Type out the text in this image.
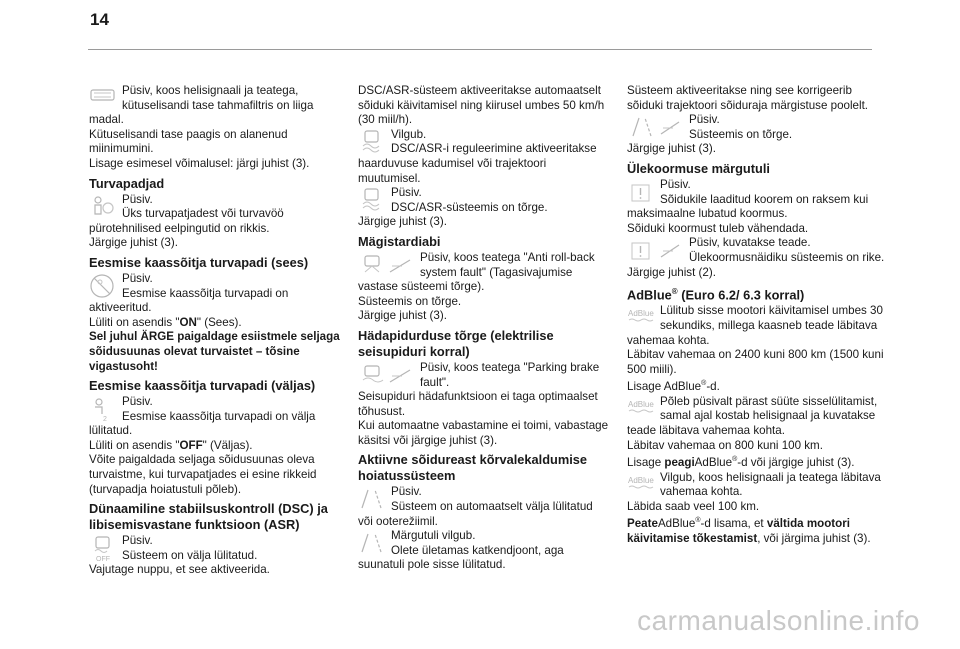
14

Püsiv, koos helisignaali ja teatega, kütuselisandi tase tahmafiltris on liiga madal.

Kütuselisandi tase paagis on alanenud miinimumini.

Lisage esimesel võimalusel: järgi juhist (3).

Turvapadjad

Püsiv.

Üks turvapatjadest või turvavöö pürotehnilised eelpingutid on rikkis.

Järgige juhist (3).

Eesmise kaassõitja turvapadi (sees)

Püsiv.

Eesmise kaassõitja turvapadi on aktiveeritud.

Lüliti on asendis "ON" (Sees).

Sel juhul ÄRGE paigaldage esiistmele seljaga sõidusuunas olevat turvaistet – tõsine vigastusoht!

Eesmise kaassõitja turvapadi (väljas)
2

Püsiv.

Eesmise kaassõitja turvapadi on välja lülitatud.

Lüliti on asendis "OFF" (Väljas).

Võite paigaldada seljaga sõidusuunas oleva turvaistme, kui turvapatjades ei esine rikkeid (turvapadja hoiatustuli põleb).

Dünaamiline stabiilsuskontroll (DSC) ja libisemisvastane funktsioon (ASR)
OFF

Püsiv.

Süsteem on välja lülitatud.

Vajutage nuppu, et see aktiveerida.

DSC/ASR-süsteem aktiveeritakse automaatselt sõiduki käivitamisel ning kiirusel umbes 50 km/h (30 miil/h).

Vilgub.

DSC/ASR-i reguleerimine aktiveeritakse haarduvuse kadumisel või trajektoori muutumisel.

Püsiv.

DSC/ASR-süsteemis on tõrge.

Järgige juhist (3).

Mägistardiabi

Püsiv, koos teatega "Anti roll-back system fault" (Tagasivajumise vastase süsteemi tõrge).

Süsteemis on tõrge.

Järgige juhist (3).

Hädapidurduse tõrge (elektrilise seisupiduri korral)

Püsiv, koos teatega "Parking brake fault".

Seisupiduri hädafunktsioon ei taga optimaalset tõhusust.

Kui automaatne vabastamine ei toimi, vabastage käsitsi või järgige juhist (3).

Aktiivne sõidureast kõrvalekaldumise hoiatussüsteem

Püsiv.

Süsteem on automaatselt välja lülitatud või ooterežiimil.

Märgutuli vilgub.

Olete ületamas katkendjoont, aga suunatuli pole sisse lülitatud.

Süsteem aktiveeritakse ning see korrigeerib sõiduki trajektoori sõiduraja märgistuse poolelt.

Püsiv.

Süsteemis on tõrge.

Järgige juhist (3).

Ülekoormuse märgutuli

Püsiv.

Sõidukile laaditud koorem on raksem kui maksimaalne lubatud koormus.

Sõiduki koormust tuleb vähendada.

Püsiv, kuvatakse teade.

Ülekoormusnäidiku süsteemis on rike.

Järgige juhist (2).

AdBlue® (Euro 6.2/ 6.3 korral)
AdBlue Lülitub sisse mootori käivitamisel umbes 30 sekundiks, millega kaasneb teade läbitava vahemaa kohta.

Läbitav vahemaa on 2400 kuni 800 km (1500 kuni 500 miili).

Lisage AdBlue®-d.

AdBlue Põleb püsivalt pärast süüte sisselülitamist, samal ajal kostab helisignaal ja kuvatakse teade läbitava vahemaa kohta.

Läbitav vahemaa on 800 kuni 100 km.

Lisage peagiAdBlue®-d või järgige juhist (3).

AdBlue Vilgub, koos helisignaali ja teatega läbitava vahemaa kohta.

Läbida saab veel 100 km.

PeateAdBlue®-d lisama, et vältida mootori käivitamise tõkestamist, või järgima juhist (3).

carmanualsonline.info
